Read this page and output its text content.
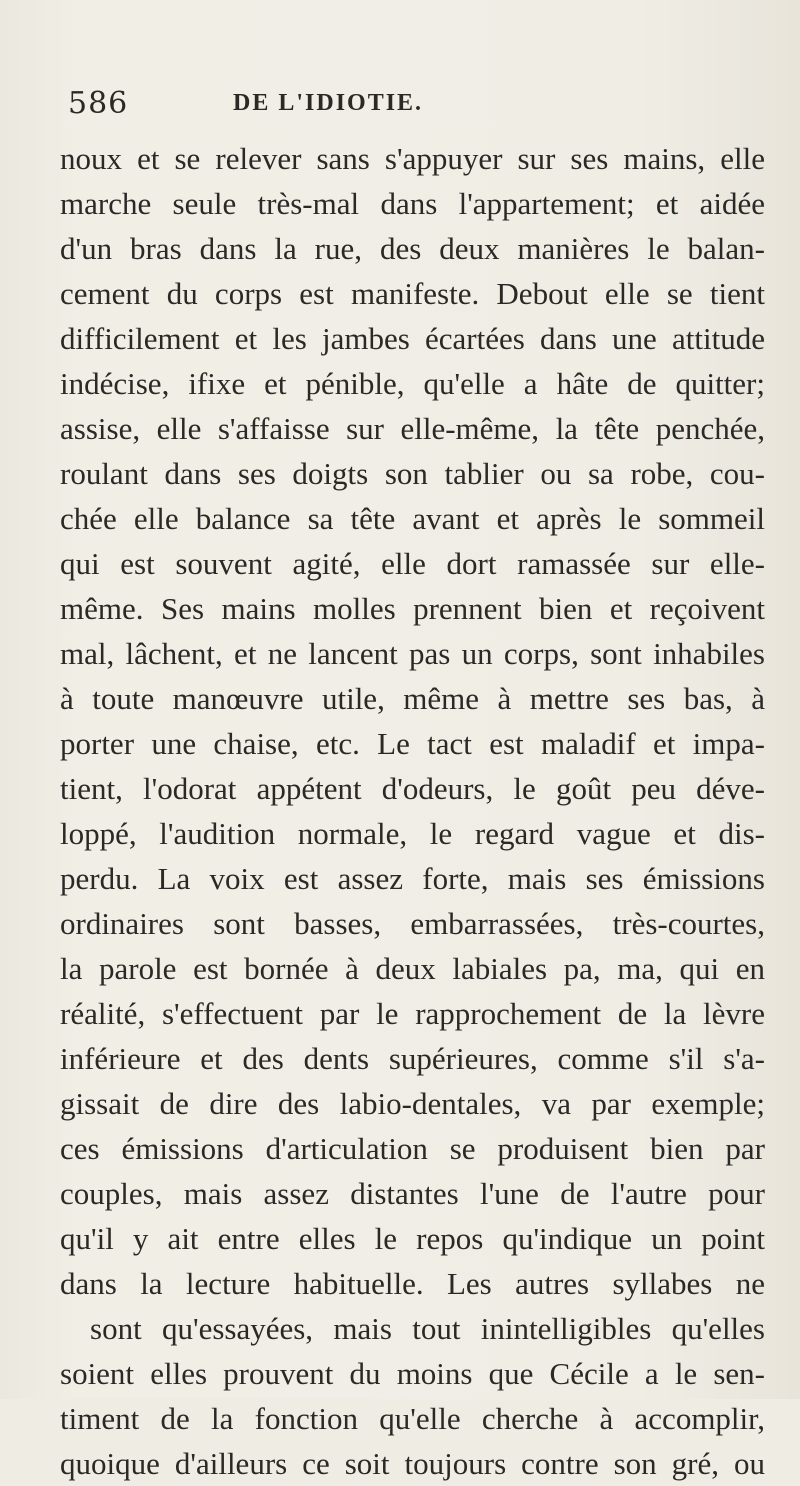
586	DE L'IDIOTIE.
noux et se relever sans s'appuyer sur ses mains, elle
marche seule très-mal dans l'appartement; et aidée
d'un bras dans la rue, des deux manières le balan-
cement du corps est manifeste. Debout elle se tient
difficilement et les jambes écartées dans une attitude
indécise, ifixe et pénible, qu'elle a hâte de quitter;
assise, elle s'affaisse sur elle-même, la tête penchée,
roulant dans ses doigts son tablier ou sa robe, cou-
chée elle balance sa tête avant et après le sommeil
qui est souvent agité, elle dort ramassée sur elle-
même. Ses mains molles prennent bien et reçoivent
mal, lâchent, et ne lancent pas un corps, sont inhabiles
à toute manœuvre utile, même à mettre ses bas, à
porter une chaise, etc. Le tact est maladif et impa-
tient, l'odorat appétent d'odeurs, le goût peu déve-
loppé, l'audition normale, le regard vague et dis-
perdu. La voix est assez forte, mais ses émissions
ordinaires sont basses, embarrassées, très-courtes,
la parole est bornée à deux labiales pa, ma, qui en
réalité, s'effectuent par le rapprochement de la lèvre
inférieure et des dents supérieures, comme s'il s'a-
gissait de dire des labio-dentales, va par exemple;
ces émissions d'articulation se produisent bien par
couples, mais assez distantes l'une de l'autre pour
qu'il y ait entre elles le repos qu'indique un point
dans la lecture habituelle. Les autres syllabes ne
sont qu'essayées, mais tout inintelligibles qu'elles
soient elles prouvent du moins que Cécile a le sen-
timent de la fonction qu'elle cherche à accomplir,
quoique d'ailleurs ce soit toujours contre son gré, ou
